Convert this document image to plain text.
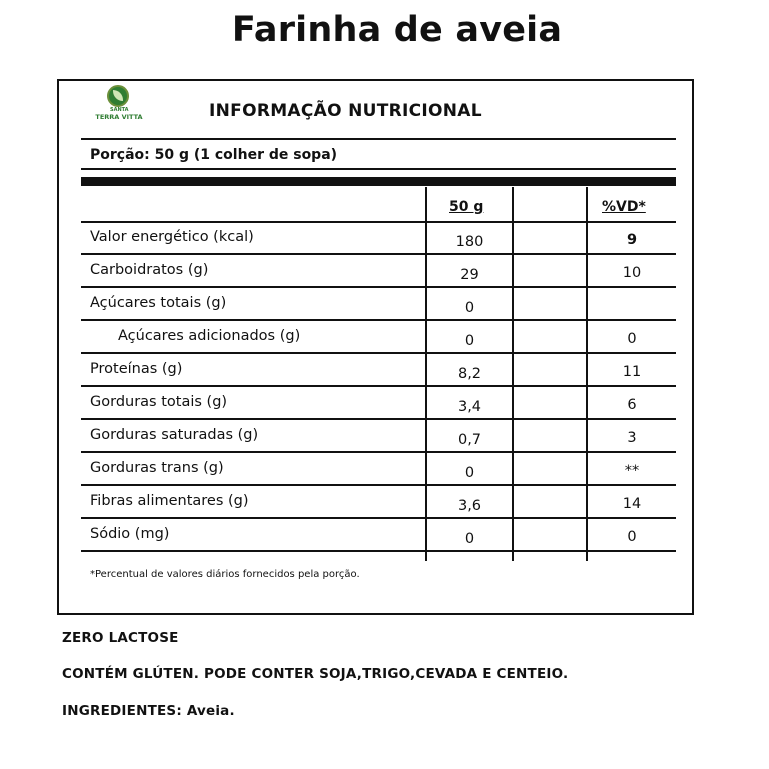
Farinha de aveia
SANTA
TERRA VITTA	INFORMAÇÃO NUTRICIONAL
Porção: 50 g (1 colher de sopa)
50 g	%VD*
Valor energético (kcal)	180	9
Carboidratos (g)	29	10
Açúcares totais (g)	0
Açúcares adicionados (g)	0	0
Proteínas (g)	8,2	11
Gorduras totais (g)	3,4	6
Gorduras saturadas (g)	0,7	3
Gorduras trans (g)	0	**
Fibras alimentares (g)	3,6	14
Sódio (mg)	0	0
*Percentual de valores diários fornecidos pela porção.
ZERO LACTOSE
CONTÉM GLÚTEN. PODE CONTER SOJA,TRIGO,CEVADA E CENTEIO.
INGREDIENTES: Aveia.
